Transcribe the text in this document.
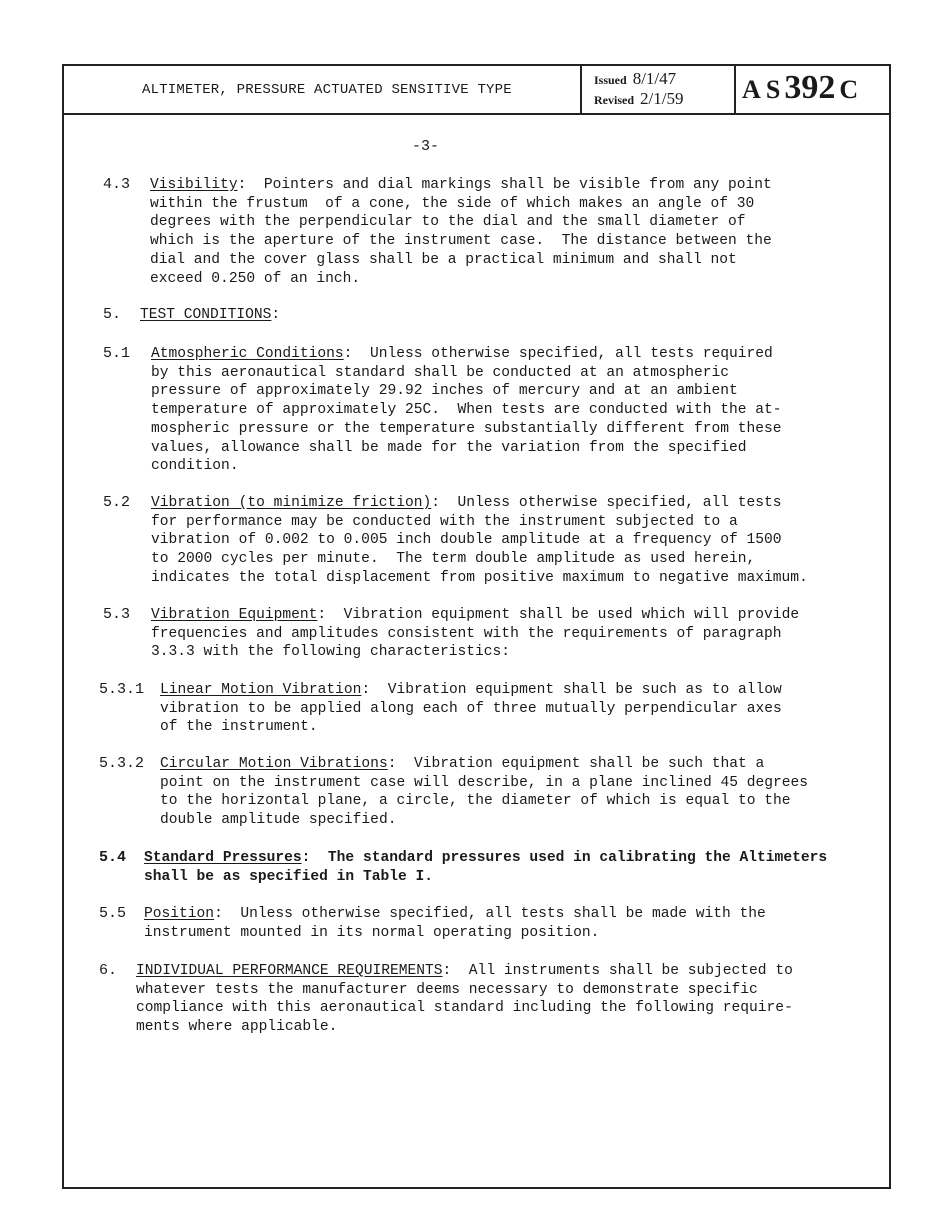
ALTIMETER, PRESSURE ACTUATED SENSITIVE TYPE
Issued 8/1/47
Revised 2/1/59 A S 392 C
-3-
4.3 Visibility:  Pointers and dial markings shall be visible from any point
within the frustum  of a cone, the side of which makes an angle of 30
degrees with the perpendicular to the dial and the small diameter of
which is the aperture of the instrument case.  The distance between the
dial and the cover glass shall be a practical minimum and shall not
exceed 0.250 of an inch.
5. TEST CONDITIONS:
5.1 Atmospheric Conditions:  Unless otherwise specified, all tests required
by this aeronautical standard shall be conducted at an atmospheric
pressure of approximately 29.92 inches of mercury and at an ambient
temperature of approximately 25C.  When tests are conducted with the at-
mospheric pressure or the temperature substantially different from these
values, allowance shall be made for the variation from the specified
condition.
5.2 Vibration (to minimize friction):  Unless otherwise specified, all tests
for performance may be conducted with the instrument subjected to a
vibration of 0.002 to 0.005 inch double amplitude at a frequency of 1500
to 2000 cycles per minute.  The term double amplitude as used herein,
indicates the total displacement from positive maximum to negative maximum.
5.3 Vibration Equipment:  Vibration equipment shall be used which will provide
frequencies and amplitudes consistent with the requirements of paragraph
3.3.3 with the following characteristics:
5.3.1 Linear Motion Vibration:  Vibration equipment shall be such as to allow
vibration to be applied along each of three mutually perpendicular axes
of the instrument.
5.3.2 Circular Motion Vibrations:  Vibration equipment shall be such that a
point on the instrument case will describe, in a plane inclined 45 degrees
to the horizontal plane, a circle, the diameter of which is equal to the
double amplitude specified.
5.4 Standard Pressures:  The standard pressures used in calibrating the Altimeters
shall be as specified in Table I.
5.5 Position:  Unless otherwise specified, all tests shall be made with the
instrument mounted in its normal operating position.
6. INDIVIDUAL PERFORMANCE REQUIREMENTS:  All instruments shall be subjected to
whatever tests the manufacturer deems necessary to demonstrate specific
compliance with this aeronautical standard including the following require-
ments where applicable.
